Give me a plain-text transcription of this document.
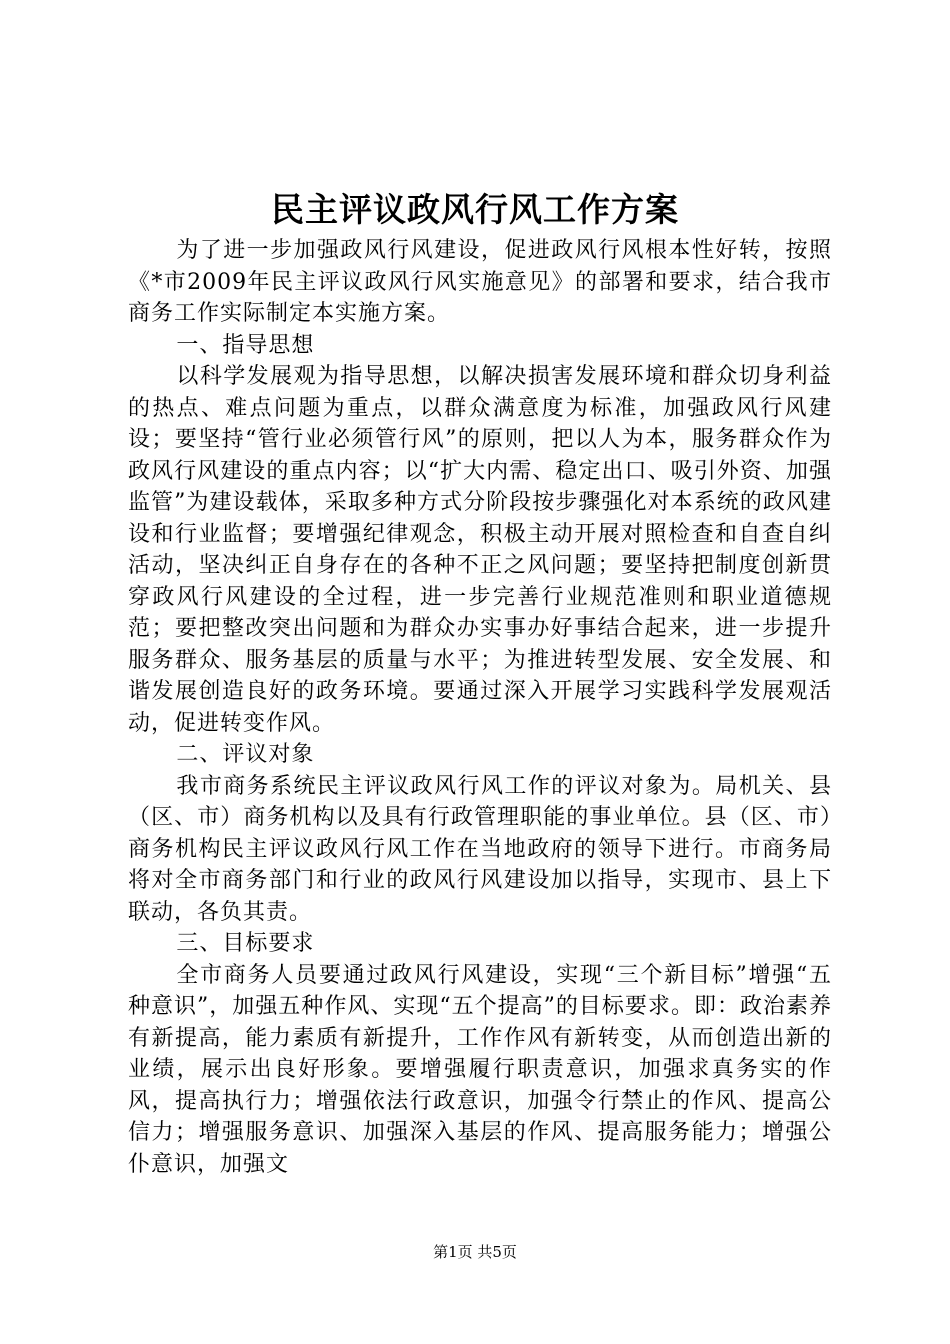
民主评议政风行风工作方案

为了进一步加强政风行风建设，促进政风行风根本性好转，按照《*市2009年民主评议政风行风实施意见》的部署和要求，结合我市商务工作实际制定本实施方案。

一、指导思想

以科学发展观为指导思想，以解决损害发展环境和群众切身利益的热点、难点问题为重点，以群众满意度为标准，加强政风行风建设；要坚持“管行业必须管行风”的原则，把以人为本，服务群众作为政风行风建设的重点内容；以“扩大内需、稳定出口、吸引外资、加强监管”为建设载体，采取多种方式分阶段按步骤强化对本系统的政风建设和行业监督；要增强纪律观念，积极主动开展对照检查和自查自纠活动，坚决纠正自身存在的各种不正之风问题；要坚持把制度创新贯穿政风行风建设的全过程，进一步完善行业规范准则和职业道德规范；要把整改突出问题和为群众办实事办好事结合起来，进一步提升服务群众、服务基层的质量与水平；为推进转型发展、安全发展、和谐发展创造良好的政务环境。要通过深入开展学习实践科学发展观活动，促进转变作风。

二、评议对象

我市商务系统民主评议政风行风工作的评议对象为。局机关、县（区、市）商务机构以及具有行政管理职能的事业单位。县（区、市）商务机构民主评议政风行风工作在当地政府的领导下进行。市商务局将对全市商务部门和行业的政风行风建设加以指导，实现市、县上下联动，各负其责。

三、目标要求

全市商务人员要通过政风行风建设，实现“三个新目标”增强“五种意识”，加强五种作风、实现“五个提高”的目标要求。即：政治素养有新提高，能力素质有新提升，工作作风有新转变，从而创造出新的业绩，展示出良好形象。要增强履行职责意识，加强求真务实的作风，提高执行力；增强依法行政意识，加强令行禁止的作风、提高公信力；增强服务意识、加强深入基层的作风、提高服务能力；增强公仆意识，加强文

第1页 共5页
